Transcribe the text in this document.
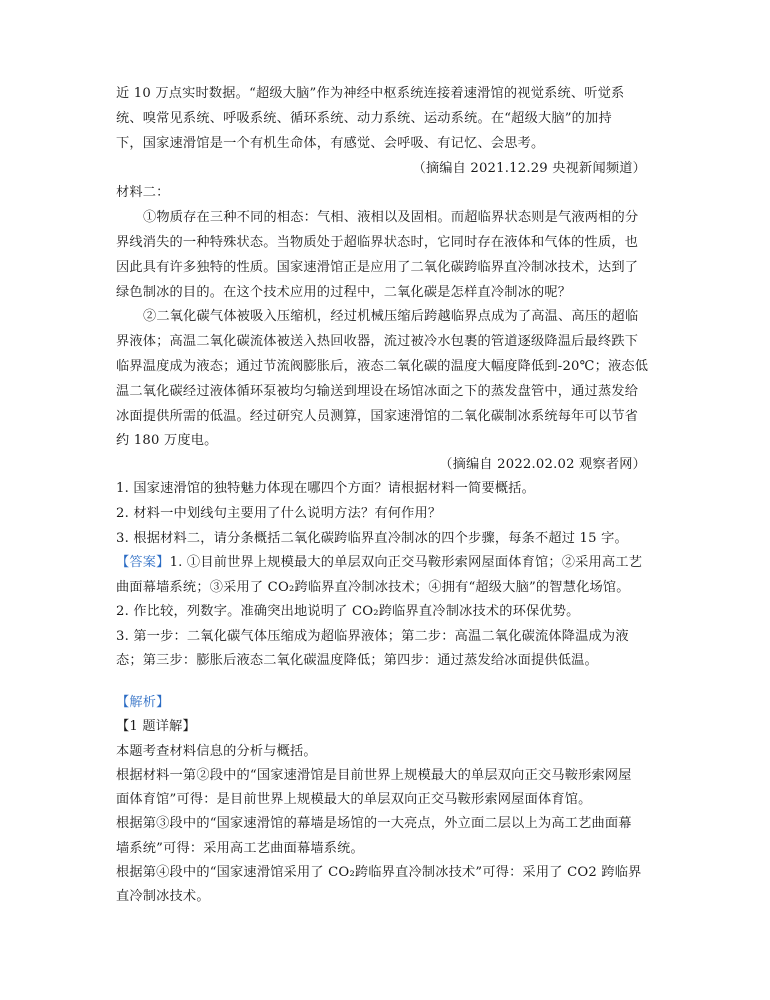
近 10 万点实时数据。“超级大脑”作为神经中枢系统连接着速滑馆的视觉系统、听觉系
统、嗅常见系统、呼吸系统、循环系统、动力系统、运动系统。在“超级大脑”的加持
下，国家速滑馆是一个有机生命体，有感觉、会呼吸、有记忆、会思考。
（摘编自 2021.12.29 央视新闻频道）
材料二：
①物质存在三种不同的相态：气相、液相以及固相。而超临界状态则是气液两相的分
界线消失的一种特殊状态。当物质处于超临界状态时，它同时存在液体和气体的性质，也
因此具有许多独特的性质。国家速滑馆正是应用了二氧化碳跨临界直冷制冰技术，达到了
绿色制冰的目的。在这个技术应用的过程中，二氧化碳是怎样直冷制冰的呢？
②二氧化碳气体被吸入压缩机，经过机械压缩后跨越临界点成为了高温、高压的超临
界液体；高温二氧化碳流体被送入热回收器，流过被冷水包裹的管道逐级降温后最终跌下
临界温度成为液态；通过节流阀膨胀后，液态二氧化碳的温度大幅度降低到-20℃；液态低
温二氧化碳经过液体循环泵被均匀输送到埋设在场馆冰面之下的蒸发盘管中，通过蒸发给
冰面提供所需的低温。经过研究人员测算，国家速滑馆的二氧化碳制冰系统每年可以节省
约 180 万度电。
（摘编自 2022.02.02 观察者网）
1. 国家速滑馆的独特魅力体现在哪四个方面？请根据材料一简要概括。
2. 材料一中划线句主要用了什么说明方法？有何作用？
3. 根据材料二，请分条概括二氧化碳跨临界直冷制冰的四个步骤，每条不超过 15 字。
【答案】1. ①目前世界上规模最大的单层双向正交马鞍形索网屋面体育馆；②采用高工艺
曲面幕墙系统；③采用了 CO₂跨临界直冷制冰技术；④拥有“超级大脑”的智慧化场馆。
2. 作比较，列数字。准确突出地说明了 CO₂跨临界直冷制冰技术的环保优势。
3. 第一步：二氧化碳气体压缩成为超临界液体；第二步：高温二氧化碳流体降温成为液
态；第三步：膨胀后液态二氧化碳温度降低；第四步：通过蒸发给冰面提供低温。
【解析】
【1 题详解】
本题考查材料信息的分析与概括。
根据材料一第②段中的“国家速滑馆是目前世界上规模最大的单层双向正交马鞍形索网屋
面体育馆”可得：是目前世界上规模最大的单层双向正交马鞍形索网屋面体育馆。
根据第③段中的“国家速滑馆的幕墙是场馆的一大亮点，外立面二层以上为高工艺曲面幕
墙系统”可得：采用高工艺曲面幕墙系统。
根据第④段中的“国家速滑馆采用了 CO₂跨临界直冷制冰技术”可得：采用了 CO2 跨临界
直冷制冰技术。
